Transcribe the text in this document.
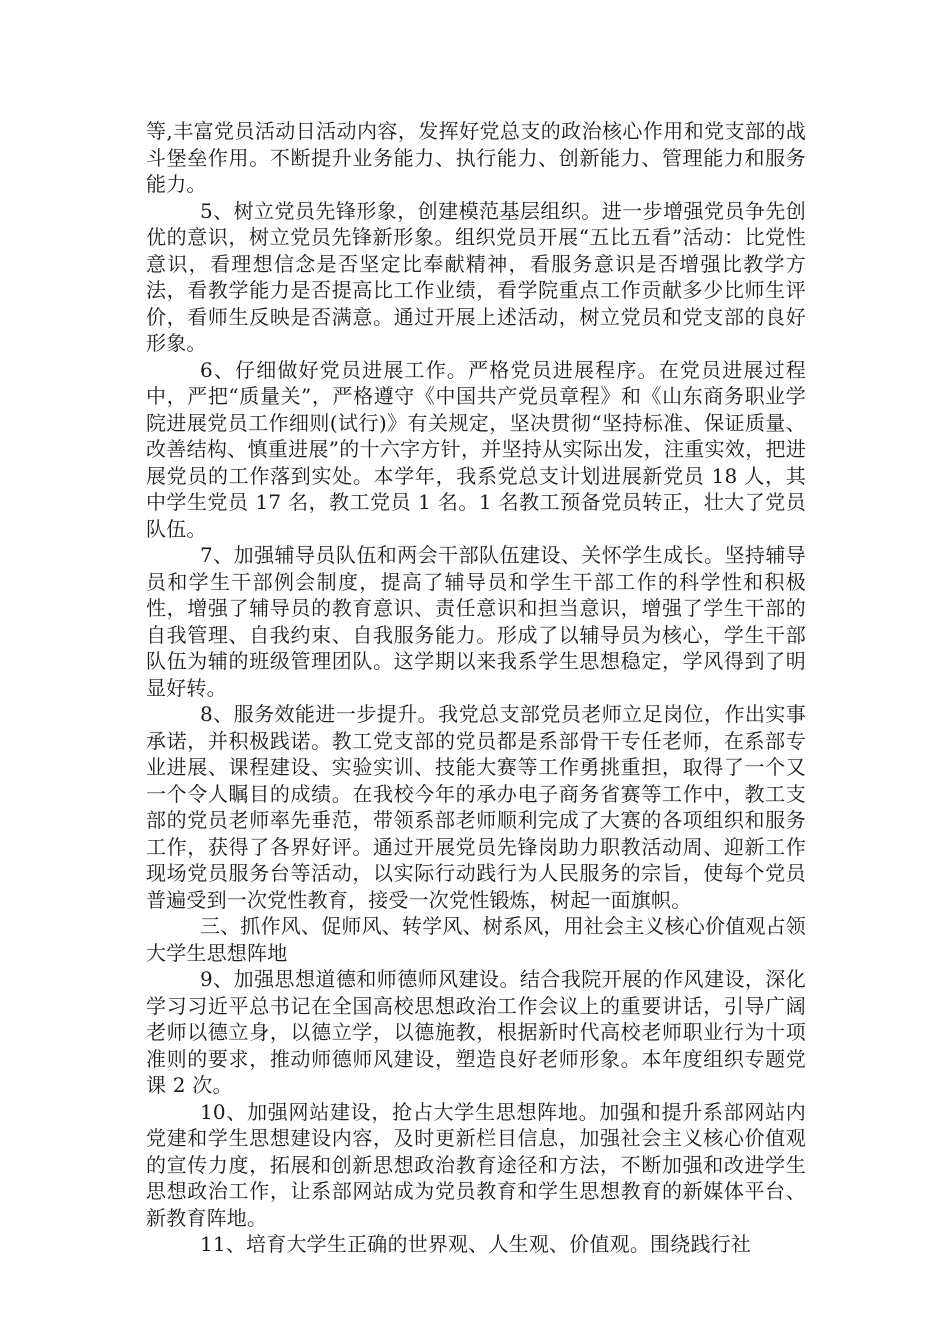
等,丰富党员活动日活动内容，发挥好党总支的政治核心作用和党支部的战斗堡垒作用。不断提升业务能力、执行能力、创新能力、管理能力和服务能力。

5、树立党员先锋形象，创建模范基层组织。进一步增强党员争先创优的意识，树立党员先锋新形象。组织党员开展“五比五看”活动：比党性意识，看理想信念是否坚定比奉献精神，看服务意识是否增强比教学方法，看教学能力是否提高比工作业绩，看学院重点工作贡献多少比师生评价，看师生反映是否满意。通过开展上述活动，树立党员和党支部的良好形象。

6、仔细做好党员进展工作。严格党员进展程序。在党员进展过程中，严把“质量关”，严格遵守《中国共产党员章程》和《山东商务职业学院进展党员工作细则(试行)》有关规定，坚决贯彻“坚持标准、保证质量、改善结构、慎重进展”的十六字方针，并坚持从实际出发，注重实效，把进展党员的工作落到实处。本学年，我系党总支计划进展新党员 18 人，其中学生党员 17 名，教工党员 1 名。1 名教工预备党员转正，壮大了党员队伍。

7、加强辅导员队伍和两会干部队伍建设、关怀学生成长。坚持辅导员和学生干部例会制度，提高了辅导员和学生干部工作的科学性和积极性，增强了辅导员的教育意识、责任意识和担当意识，增强了学生干部的自我管理、自我约束、自我服务能力。形成了以辅导员为核心，学生干部队伍为辅的班级管理团队。这学期以来我系学生思想稳定，学风得到了明显好转。

8、服务效能进一步提升。我党总支部党员老师立足岗位，作出实事承诺，并积极践诺。教工党支部的党员都是系部骨干专任老师，在系部专业进展、课程建设、实验实训、技能大赛等工作勇挑重担，取得了一个又一个令人瞩目的成绩。在我校今年的承办电子商务省赛等工作中，教工支部的党员老师率先垂范，带领系部老师顺利完成了大赛的各项组织和服务工作，获得了各界好评。通过开展党员先锋岗助力职教活动周、迎新工作现场党员服务台等活动，以实际行动践行为人民服务的宗旨，使每个党员普遍受到一次党性教育，接受一次党性锻炼，树起一面旗帜。

三、抓作风、促师风、转学风、树系风，用社会主义核心价值观占领大学生思想阵地

9、加强思想道德和师德师风建设。结合我院开展的作风建设，深化学习习近平总书记在全国高校思想政治工作会议上的重要讲话，引导广阔老师以德立身，以德立学，以德施教，根据新时代高校老师职业行为十项准则的要求，推动师德师风建设，塑造良好老师形象。本年度组织专题党课 2 次。

10、加强网站建设，抢占大学生思想阵地。加强和提升系部网站内党建和学生思想建设内容，及时更新栏目信息，加强社会主义核心价值观的宣传力度，拓展和创新思想政治教育途径和方法，不断加强和改进学生思想政治工作，让系部网站成为党员教育和学生思想教育的新媒体平台、新教育阵地。

11、培育大学生正确的世界观、人生观、价值观。围绕践行社
